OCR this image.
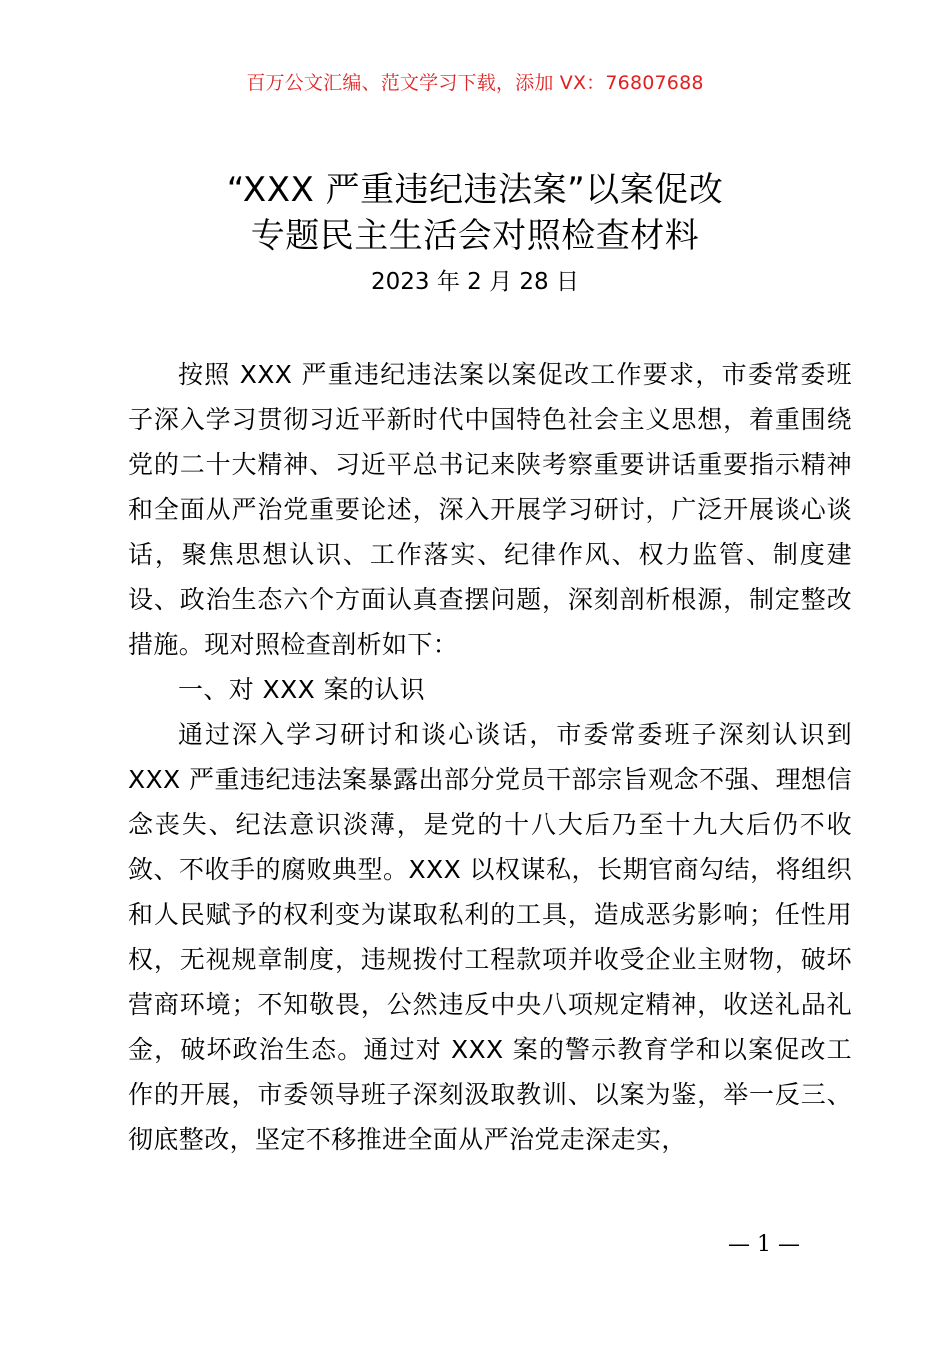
百万公文汇编、范文学习下载，添加 VX：76807688
“XXX 严重违纪违法案”以案促改
专题民主生活会对照检查材料
2023 年 2 月 28 日

按照 XXX 严重违纪违法案以案促改工作要求，市委常委班子深入学习贯彻习近平新时代中国特色社会主义思想，着重围绕党的二十大精神、习近平总书记来陕考察重要讲话重要指示精神和全面从严治党重要论述，深入开展学习研讨，广泛开展谈心谈话，聚焦思想认识、工作落实、纪律作风、权力监管、制度建设、政治生态六个方面认真查摆问题，深刻剖析根源，制定整改措施。现对照检查剖析如下：

一、对 XXX 案的认识

通过深入学习研讨和谈心谈话，市委常委班子深刻认识到 XXX 严重违纪违法案暴露出部分党员干部宗旨观念不强、理想信念丧失、纪法意识淡薄，是党的十八大后乃至十九大后仍不收敛、不收手的腐败典型。XXX 以权谋私，长期官商勾结，将组织和人民赋予的权利变为谋取私利的工具，造成恶劣影响；任性用权，无视规章制度，违规拨付工程款项并收受企业主财物，破坏营商环境；不知敬畏，公然违反中央八项规定精神，收送礼品礼金，破坏政治生态。通过对 XXX 案的警示教育学和以案促改工作的开展，市委领导班子深刻汲取教训、以案为鉴，举一反三、彻底整改，坚定不移推进全面从严治党走深走实，

— 1 —
